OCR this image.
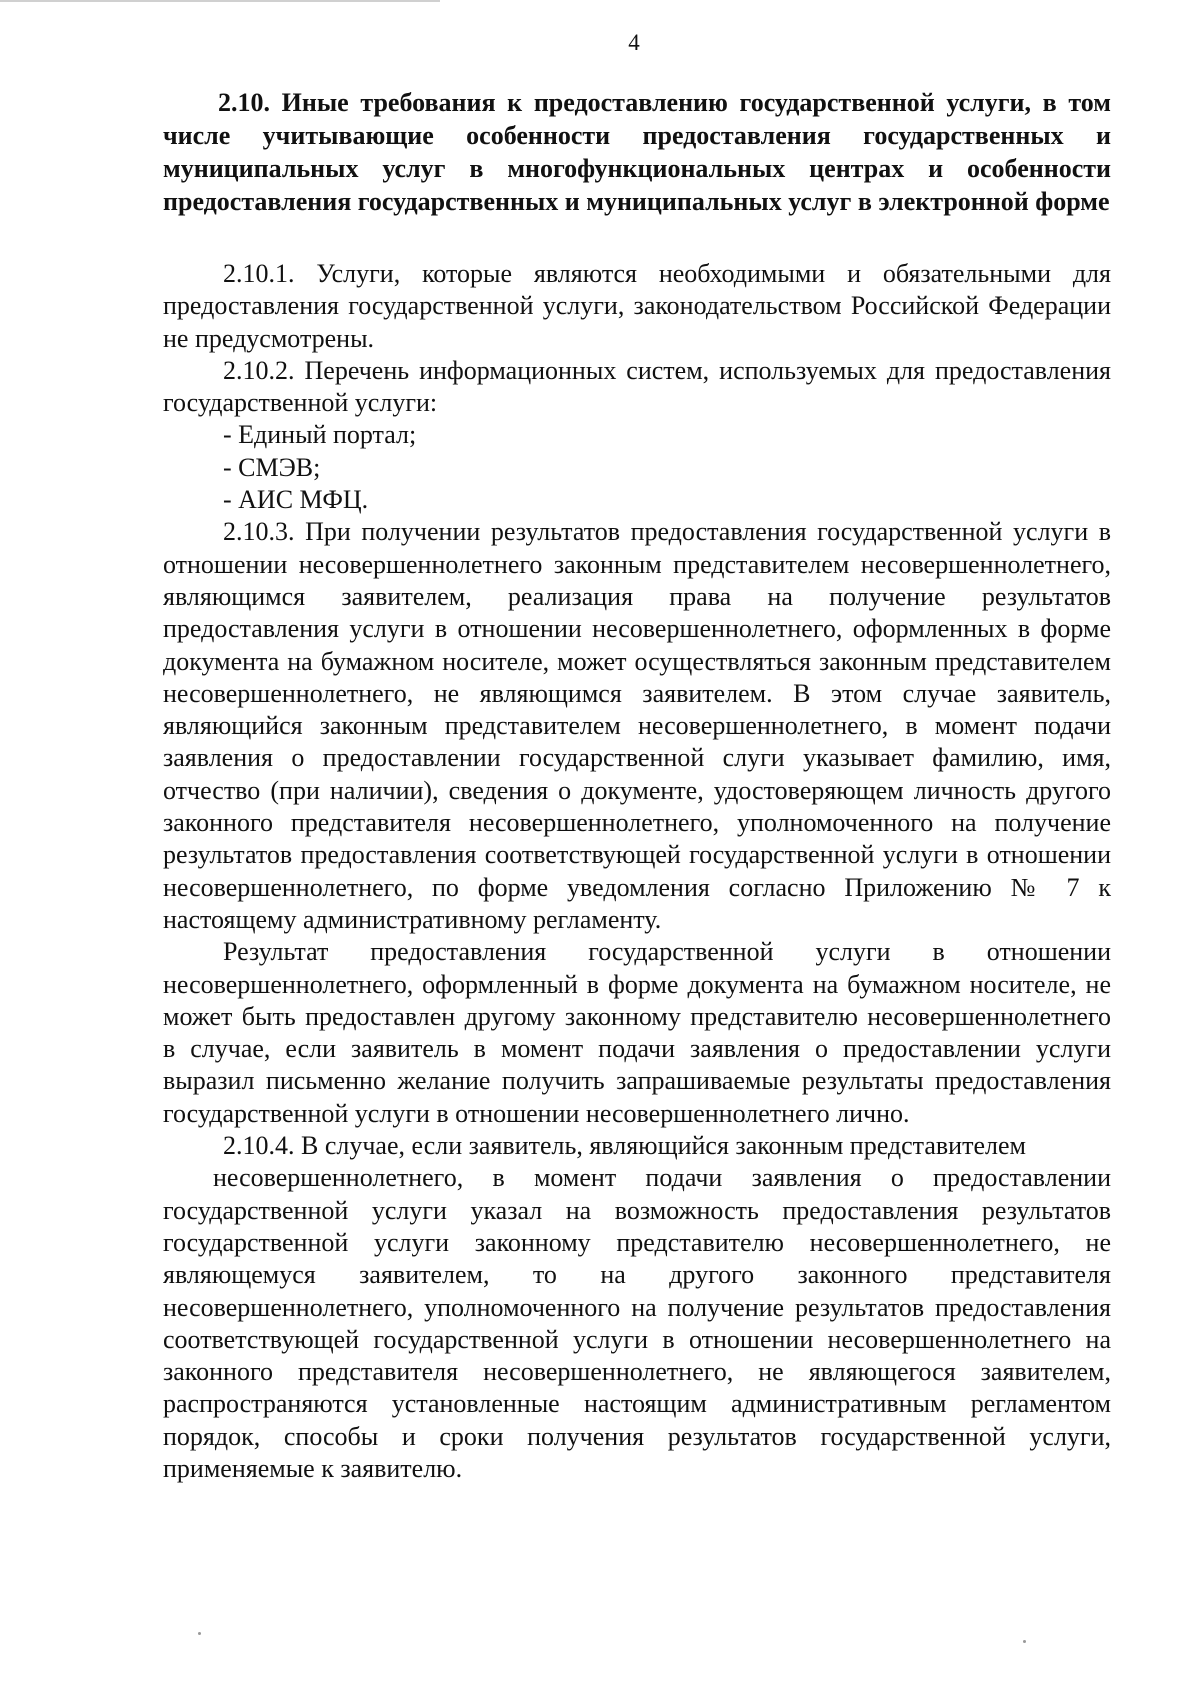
4

2.10. Иные требования к предоставлению государственной услуги, в том числе учитывающие особенности предоставления государственных и муниципальных услуг в многофункциональных центрах и особенности предоставления государственных и муниципальных услуг в электронной форме

2.10.1. Услуги, которые являются необходимыми и обязательными для предоставления государственной услуги, законодательством Российской Федерации не предусмотрены.

2.10.2. Перечень информационных систем, используемых для предоставления государственной услуги:

- Единый портал;

- СМЭВ;

- АИС МФЦ.

2.10.3. При получении результатов предоставления государственной услуги в отношении несовершеннолетнего законным представителем несовершеннолетнего, являющимся заявителем, реализация права на получение результатов предоставления услуги в отношении несовершеннолетнего, оформленных в форме документа на бумажном носителе, может осуществляться законным представителем несовершеннолетнего, не являющимся заявителем. В этом случае заявитель, являющийся законным представителем несовершеннолетнего, в момент подачи заявления о предоставлении государственной слуги указывает фамилию, имя, отчество (при наличии), сведения о документе, удостоверяющем личность другого законного представителя несовершеннолетнего, уполномоченного на получение результатов предоставления соответствующей государственной услуги в отношении несовершеннолетнего, по форме уведомления согласно Приложению № 7 к настоящему административному регламенту.

Результат предоставления государственной услуги в отношении несовершеннолетнего, оформленный в форме документа на бумажном носителе, не может быть предоставлен другому законному представителю несовершеннолетнего в случае, если заявитель в момент подачи заявления о предоставлении услуги выразил письменно желание получить запрашиваемые результаты предоставления государственной услуги в отношении несовершеннолетнего лично.

2.10.4. В случае, если заявитель, являющийся законным представителем
несовершеннолетнего, в момент подачи заявления о предоставлении государственной услуги указал на возможность предоставления результатов государственной услуги законному представителю несовершеннолетнего, не являющемуся заявителем, то на другого законного представителя несовершеннолетнего, уполномоченного на получение результатов предоставления соответствующей государственной услуги в отношении несовершеннолетнего на законного представителя несовершеннолетнего, не являющегося заявителем, распространяются установленные настоящим административным регламентом порядок, способы и сроки получения результатов государственной услуги, применяемые к заявителю.
